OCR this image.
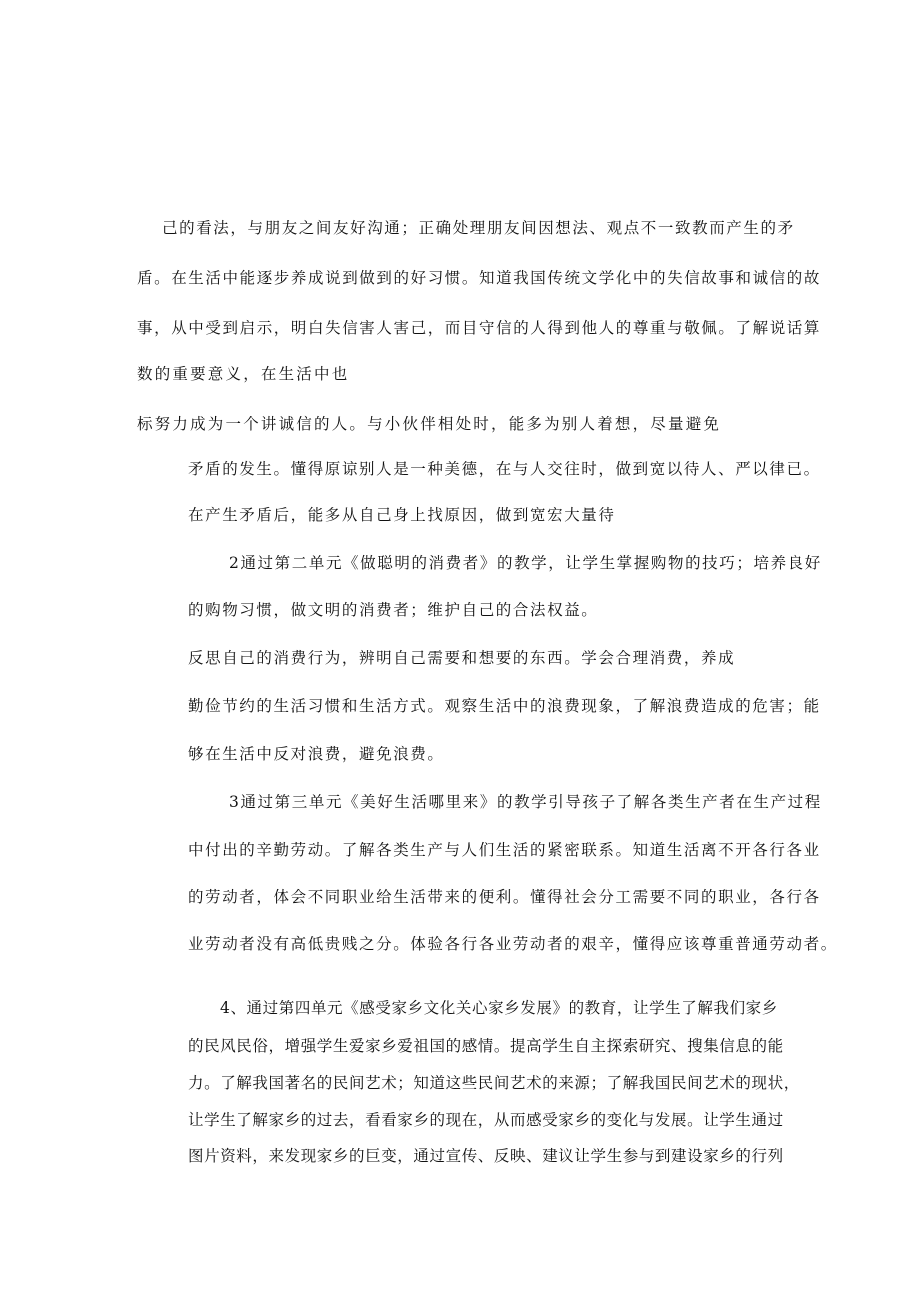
己的看法，与朋友之间友好沟通；正确处理朋友间因想法、观点不一致教而产生的矛
盾。在生活中能逐步养成说到做到的好习惯。知道我国传统文学化中的失信故事和诚信的故
事，从中受到启示，明白失信害人害己，而目守信的人得到他人的尊重与敬佩。了解说话算
数的重要意义，在生活中也
标努力成为一个讲诚信的人。与小伙伴相处时，能多为别人着想，尽量避免
矛盾的发生。懂得原谅别人是一种美德，在与人交往时，做到宽以待人、严以律已。
在产生矛盾后，能多从自己身上找原因，做到宽宏大量待
2通过第二单元《做聪明的消费者》的教学，让学生掌握购物的技巧；培养良好
的购物习惯，做文明的消费者；维护自己的合法权益。
反思自己的消费行为，辨明自己需要和想要的东西。学会合理消费，养成
勤俭节约的生活习惯和生活方式。观察生活中的浪费现象，了解浪费造成的危害；能
够在生活中反对浪费，避免浪费。
3通过第三单元《美好生活哪里来》的教学引导孩子了解各类生产者在生产过程
中付出的辛勤劳动。了解各类生产与人们生活的紧密联系。知道生活离不开各行各业
的劳动者，体会不同职业给生活带来的便利。懂得社会分工需要不同的职业，各行各
业劳动者没有高低贵贱之分。体验各行各业劳动者的艰辛，懂得应该尊重普通劳动者。
4、通过第四单元《感受家乡文化关心家乡发展》的教育，让学生了解我们家乡
的民风民俗，增强学生爱家乡爱祖国的感情。提高学生自主探索研究、搜集信息的能
力。了解我国著名的民间艺术；知道这些民间艺术的来源；了解我国民间艺术的现状，
让学生了解家乡的过去，看看家乡的现在，从而感受家乡的变化与发展。让学生通过
图片资料，来发现家乡的巨变，通过宣传、反映、建议让学生参与到建设家乡的行列
